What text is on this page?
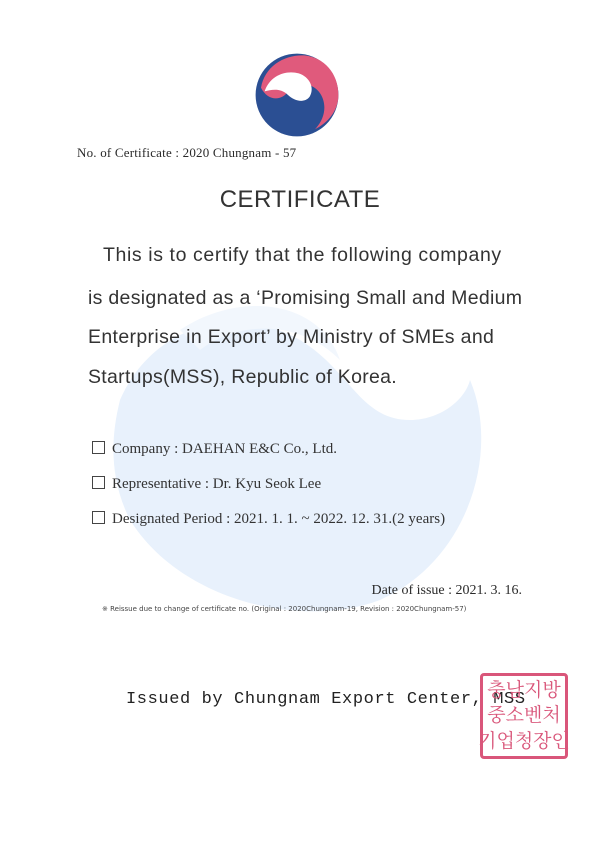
No. of Certificate : 2020 Chungnam - 57
CERTIFICATE
This is to certify that the following company
is designated as a ‘Promising Small and Medium
Enterprise in Export’ by Ministry of SMEs and
Startups(MSS), Republic of Korea.
Company : DAEHAN E&C Co., Ltd.
Representative : Dr. Kyu Seok Lee
Designated Period : 2021. 1. 1. ~ 2022. 12. 31.(2 years)
Date of issue : 2021. 3. 16.
※ Reissue due to change of certificate no. (Original : 2020Chungnam-19, Revision : 2020Chungnam-57)
Issued by Chungnam Export Center, MSS
충남지방
중소벤처
기업청장인
